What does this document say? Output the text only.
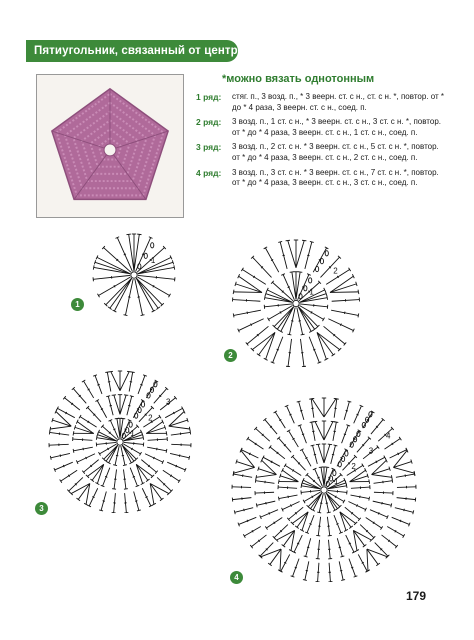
Пятиугольник, связанный от центра
*можно вязать однотонным
1 ряд: стяг. п., 3 возд. п., * 3 веерн. ст. с н., ст. с н. *, повтор. от * до * 4 раза, 3 веерн. ст. с н., соед. п.
2 ряд: 3 возд. п., 1 ст. с н., * 3 веерн. ст. с н., 3 ст. с н. *, повтор. от * до * 4 раза, 3 веерн. ст. с н., 1 ст. с н., соед. п.
3 ряд: 3 возд. п., 2 ст. с н. * 3 веерн. ст. с н., 5 ст. с н. *, повтор. от * до * 4 раза, 3 веерн. ст. с н., 2 ст. с н., соед. п.
4 ряд: 3 возд. п., 3 ст. с н. * 3 веерн. ст. с н., 7 ст. с н. *, повтор. от * до * 4 раза, 3 веерн. ст. с н., 3 ст. с н., соед. п.
1
1
2
1
2
3
2
1
3
4
3
2
1
4
179
